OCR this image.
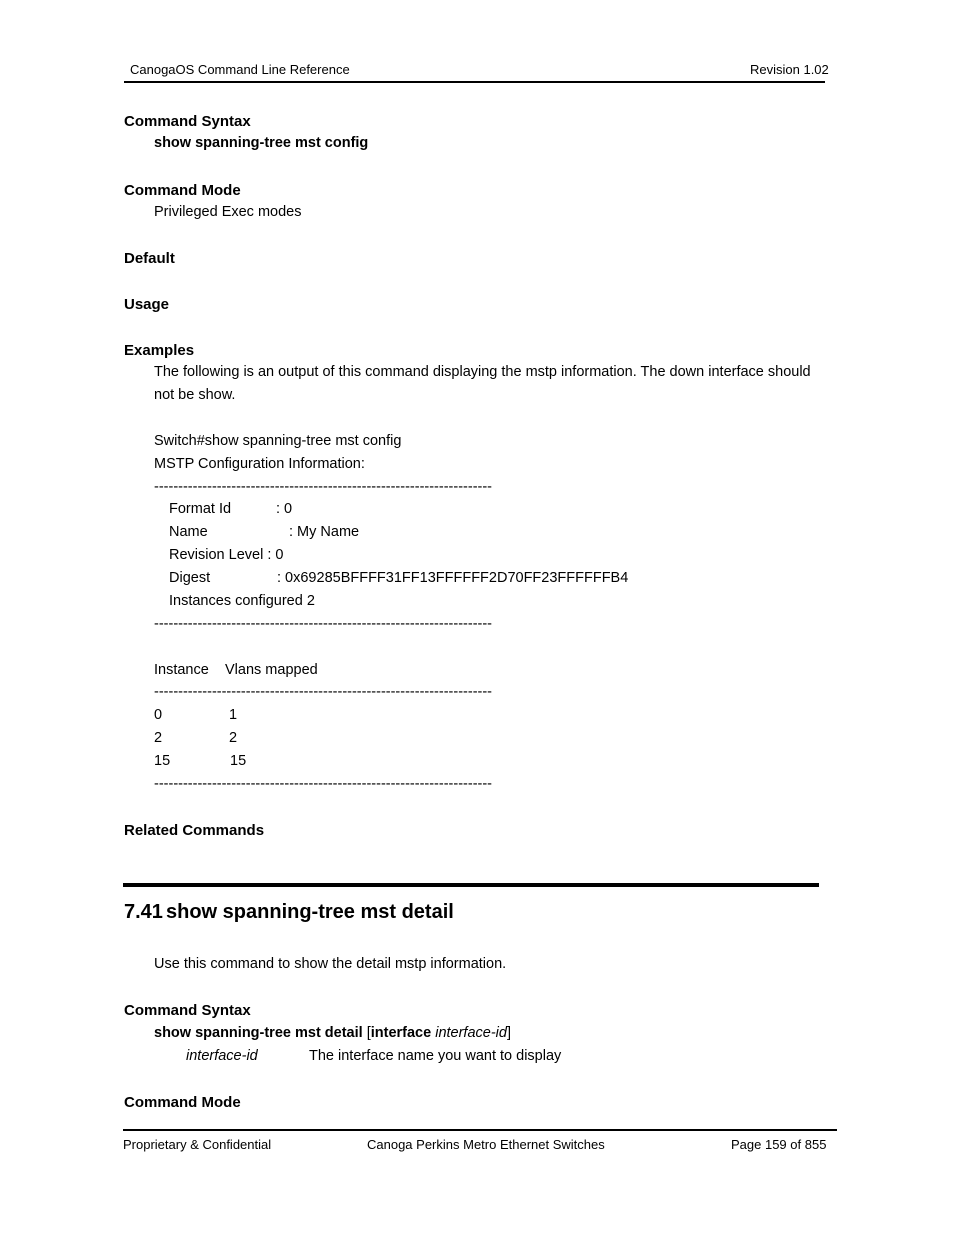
CanogaOS Command Line Reference	Revision 1.02
Command Syntax
show spanning-tree mst config
Command Mode
Privileged Exec modes
Default
Usage
Examples
The following is an output of this command displaying the mstp information. The down interface should
not be show.
Switch#show spanning-tree mst config
MSTP Configuration Information:
----------------------------------------------------------------------
Format Id	: 0
Name	: My Name
Revision Level : 0
Digest	: 0x69285BFFFF31FF13FFFFFF2D70FF23FFFFFFB4
Instances configured 2
----------------------------------------------------------------------
Instance Vlans mapped
----------------------------------------------------------------------
0	1
2	2
15	15
----------------------------------------------------------------------
Related Commands
7.41 show spanning-tree mst detail
Use this command to show the detail mstp information.
Command Syntax
show spanning-tree mst detail [interface interface-id]
interface-id	The interface name you want to display
Command Mode
Proprietary & Confidential	Canoga Perkins Metro Ethernet Switches	Page 159 of 855
